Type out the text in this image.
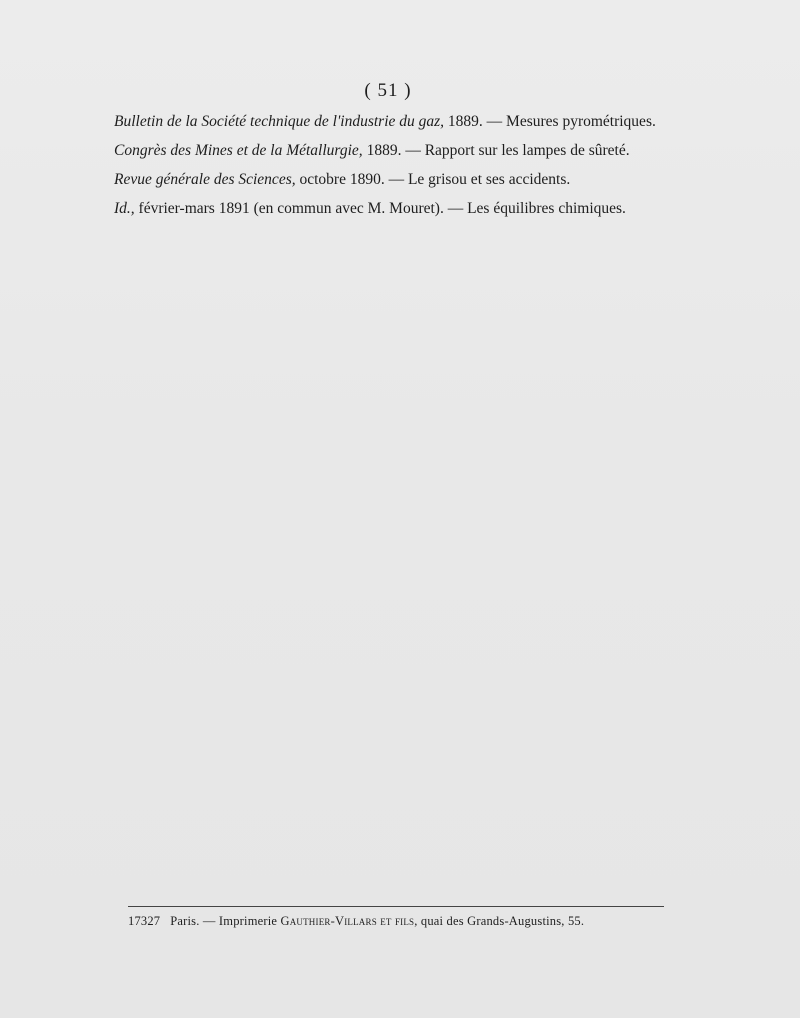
( 51 )

Bulletin de la Société technique de l'industrie du gaz, 1889. — Mesures pyrométriques.

Congrès des Mines et de la Métallurgie, 1889. — Rapport sur les lampes de sûreté.

Revue générale des Sciences, octobre 1890. — Le grisou et ses accidents.

Id., février-mars 1891 (en commun avec M. Mouret). — Les équilibres chimiques.

17327 Paris. — Imprimerie Gauthier-Villars et fils, quai des Grands-Augustins, 55.
